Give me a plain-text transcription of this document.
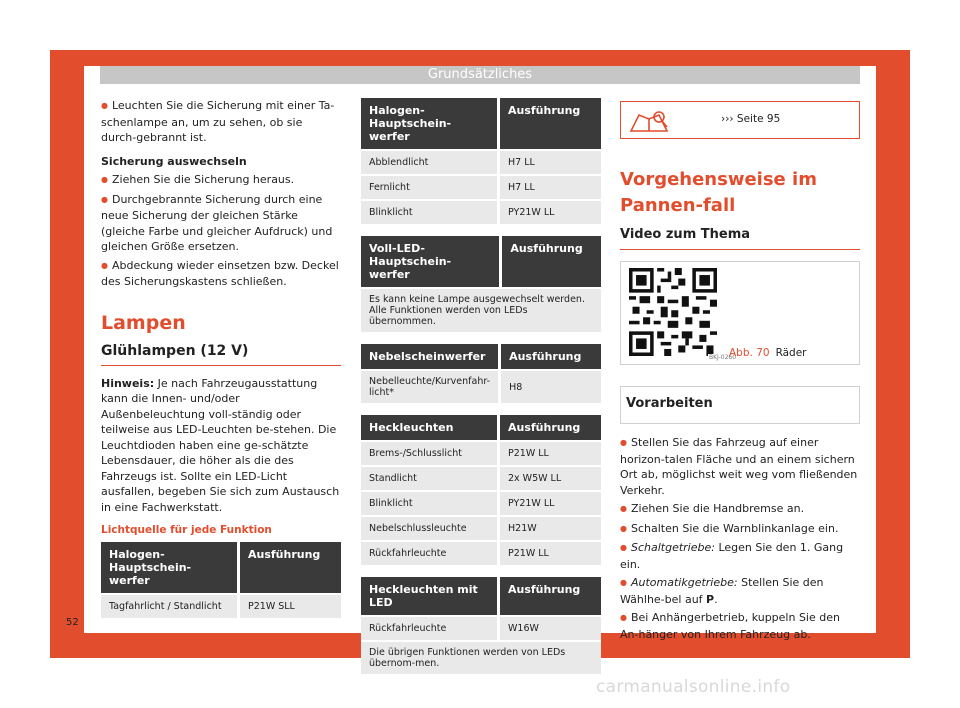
Grundsätzliches
52
carmanualsonline.info

● Leuchten Sie die Sicherung mit einer Ta-schenlampe an, um zu sehen, ob sie durch-gebrannt ist.

Sicherung auswechseln

● Ziehen Sie die Sicherung heraus.

● Durchgebrannte Sicherung durch eine neue Sicherung der gleichen Stärke (gleiche Farbe und gleicher Aufdruck) und gleichen Größe ersetzen.

● Abdeckung wieder einsetzen bzw. Deckel des Sicherungskastens schließen.

Lampen
Glühlampen (12 V)

Hinweis: Je nach Fahrzeugausstattung kann die Innen- und/oder Außenbeleuchtung voll-ständig oder teilweise aus LED-Leuchten be-stehen. Die Leuchtdioden haben eine ge-schätzte Lebensdauer, die höher als die des Fahrzeugs ist. Sollte ein LED-Licht ausfallen, begeben Sie sich zum Austausch in eine Fachwerkstatt.

Lichtquelle für jede Funktion
Halogen-Hauptschein-werfer	Ausführung
Tagfahrlicht / Standlicht	P21W SLL
Halogen-Hauptschein-werfer	Ausführung
Abblendlicht	H7 LL
Fernlicht	H7 LL
Blinklicht	PY21W LL
Voll-LED-Hauptschein-werfer	Ausführung
Es kann keine Lampe ausgewechselt werden. Alle Funktionen werden von LEDs übernommen.
Nebelscheinwerfer	Ausführung
Nebelleuchte/Kurvenfahr-licht*	H8
Heckleuchten	Ausführung
Brems-/Schlusslicht	P21W LL
Standlicht	2x W5W LL
Blinklicht	PY21W LL
Nebelschlussleuchte	H21W
Rückfahrleuchte	P21W LL
Heckleuchten mit LED	Ausführung
Rückfahrleuchte	W16W
Die übrigen Funktionen werden von LEDs übernom-men.	
››› Seite 95
Vorgehensweise im Pannen-fall
Video zum Thema
BKJ-0260
Abb. 70 Räder
Vorarbeiten

● Stellen Sie das Fahrzeug auf einer horizon-talen Fläche und an einem sichern Ort ab, möglichst weit weg vom fließenden Verkehr.

● Ziehen Sie die Handbremse an.

● Schalten Sie die Warnblinkanlage ein.

● Schaltgetriebe: Legen Sie den 1. Gang ein.

● Automatikgetriebe: Stellen Sie den Wählhe-bel auf P.

● Bei Anhängerbetrieb, kuppeln Sie den An-hänger von Ihrem Fahrzeug ab.
